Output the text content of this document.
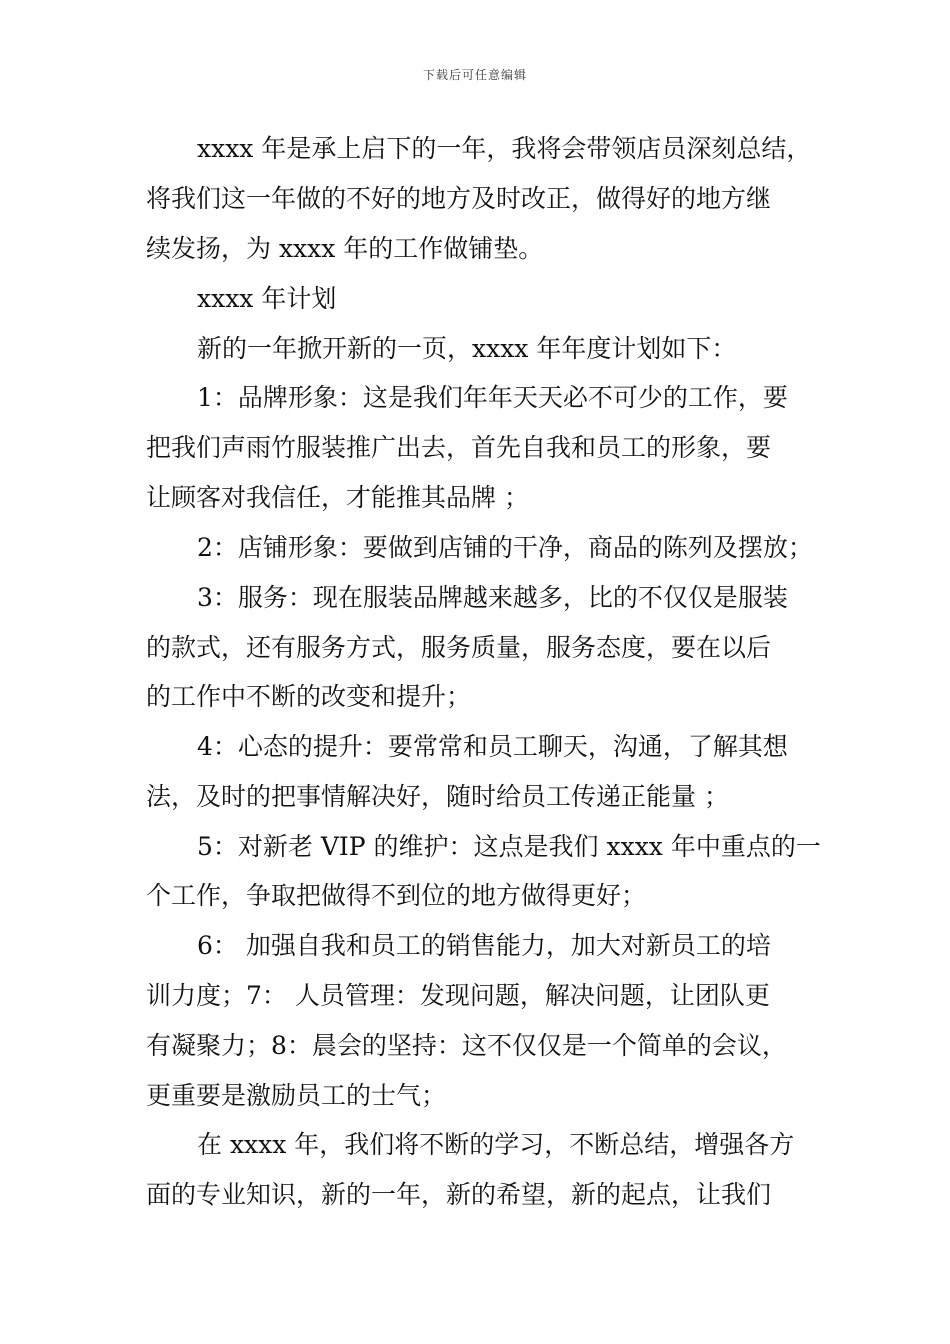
下载后可任意编辑
xxxx 年是承上启下的一年，我将会带领店员深刻总结，
将我们这一年做的不好的地方及时改正，做得好的地方继
续发扬，为 xxxx 年的工作做铺垫。
xxxx 年计划
新的一年掀开新的一页，xxxx 年年度计划如下：
1：品牌形象：这是我们年年天天必不可少的工作，要
把我们声雨竹服装推广出去，首先自我和员工的形象，要
让顾客对我信任，才能推其品牌 ；
2：店铺形象：要做到店铺的干净，商品的陈列及摆放；
3：服务：现在服装品牌越来越多，比的不仅仅是服装
的款式，还有服务方式，服务质量，服务态度，要在以后
的工作中不断的改变和提升；
4：心态的提升：要常常和员工聊天，沟通，了解其想
法，及时的把事情解决好，随时给员工传递正能量 ；
5：对新老 VIP 的维护：这点是我们 xxxx 年中重点的一
个工作，争取把做得不到位的地方做得更好；
6： 加强自我和员工的销售能力，加大对新员工的培
训力度；7： 人员管理：发现问题，解决问题，让团队更
有凝聚力；8：晨会的坚持：这不仅仅是一个简单的会议，
更重要是激励员工的士气；
在 xxxx 年，我们将不断的学习，不断总结，增强各方
面的专业知识，新的一年，新的希望，新的起点，让我们
